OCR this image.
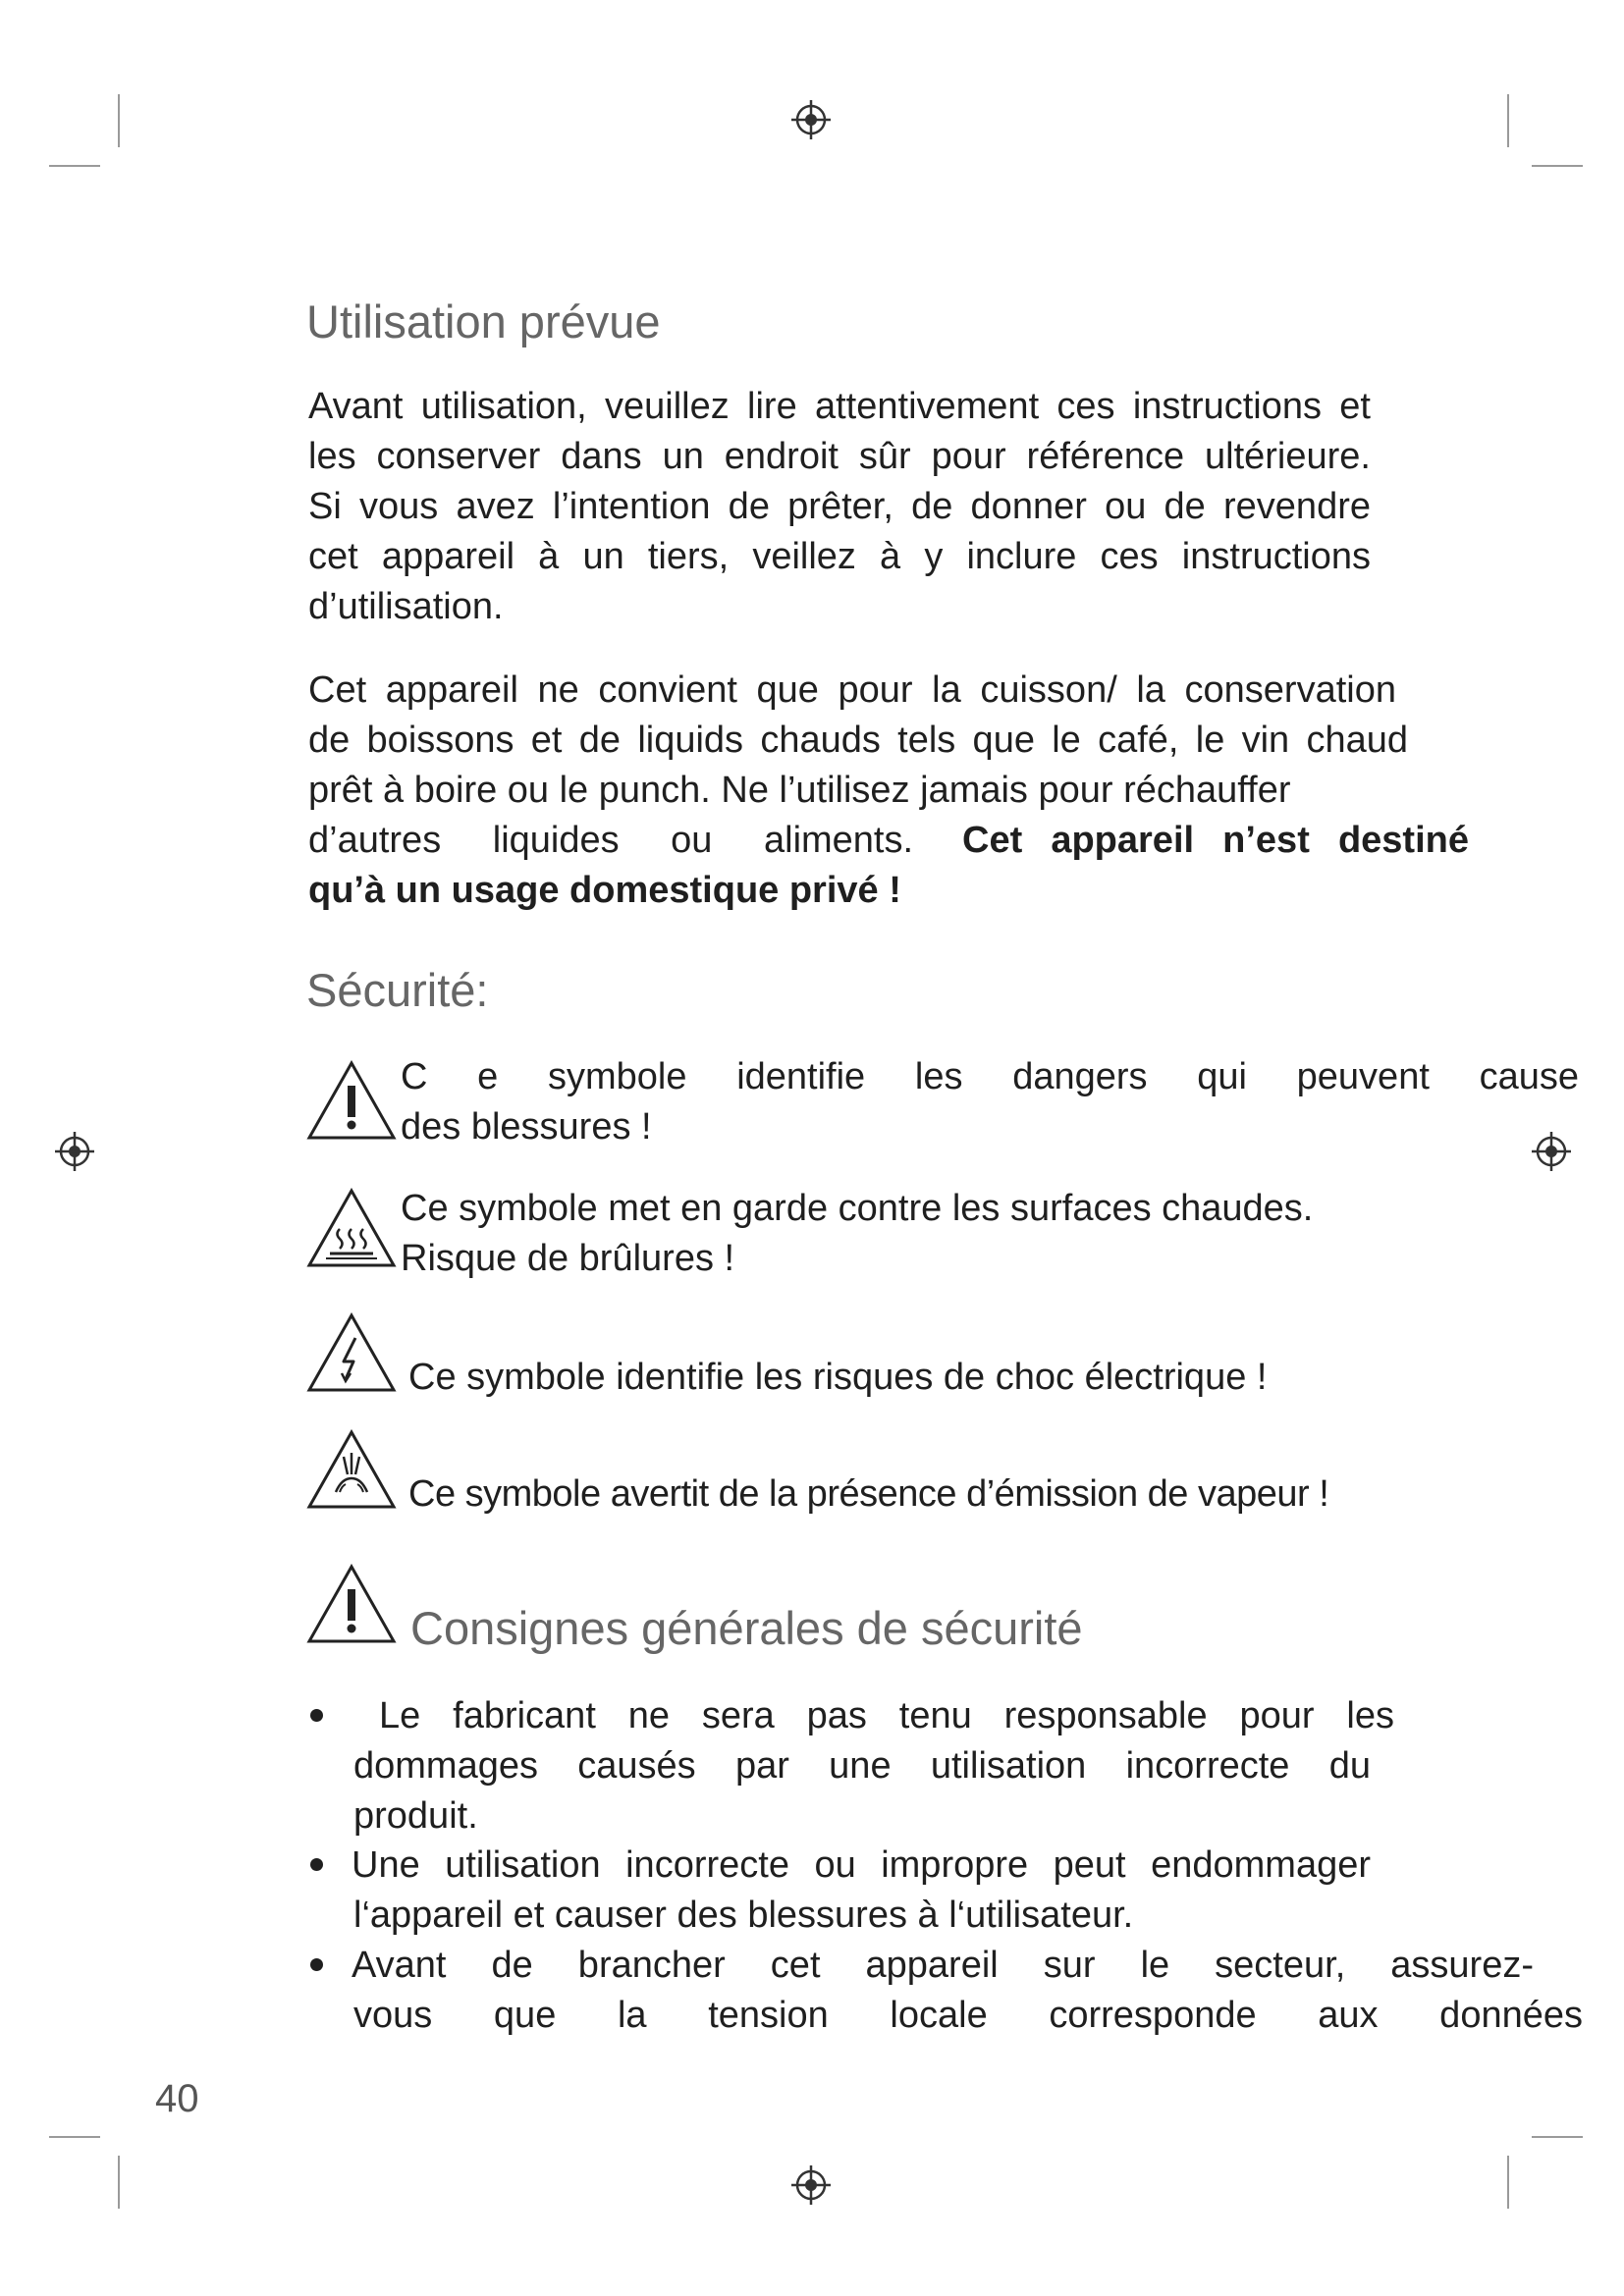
Utilisation prévue
Avant utilisation, veuillez lire attentivement ces instructions et
les conserver dans un endroit sûr pour référence ultérieure.
Si vous avez l’intention de prêter, de donner ou de revendre
cet appareil à un tiers, veillez à y inclure ces instructions
d’utilisation.
Cet appareil ne convient que pour la cuisson/ la conservation
de boissons et de liquids chauds tels que le café, le vin chaud
prêt à boire ou le punch. Ne l’utilisez jamais pour réchauffer
d’autres liquides ou aliments.	Cet appareil n’est destiné
qu’à un usage domestique privé !
Sécurité:
C e symbole identifie les dangers qui peuvent cause
des blessures !
Ce symbole met en garde contre les surfaces chaudes.
Risque de brûlures !
Ce symbole identifie les risques de choc électrique !
Ce symbole avertit de la présence d’émission de vapeur !
Consignes générales de sécurité
Le fabricant ne sera pas tenu responsable pour les
dommages causés par une utilisation incorrecte du
produit.
Une utilisation incorrecte ou impropre peut endommager
l‘appareil et causer des blessures à l‘utilisateur.
Avant de brancher cet appareil sur le secteur, assurez-
vous que la tension locale corresponde aux données
40
